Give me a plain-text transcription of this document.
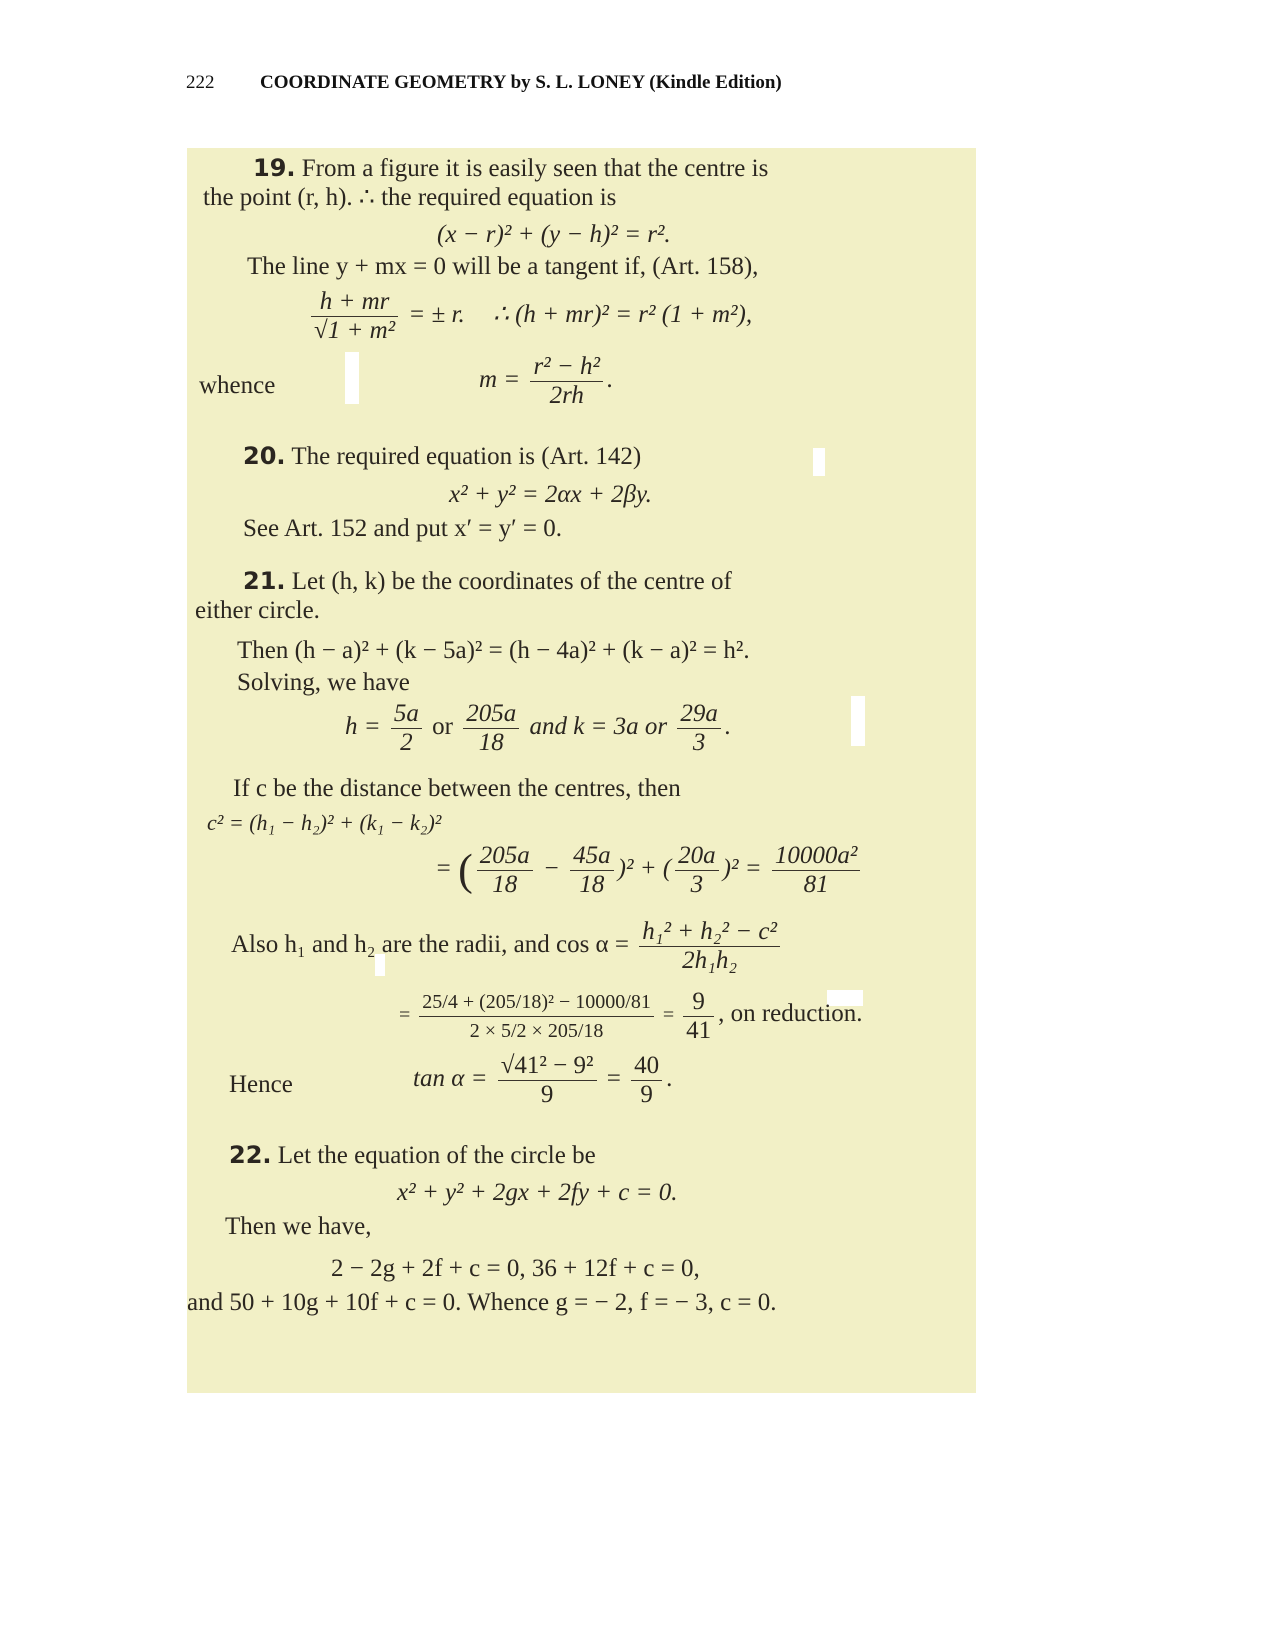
222 COORDINATE GEOMETRY by S. L. LONEY (Kindle Edition)
19. From a figure it is easily seen that the centre is
the point (r, h). ∴ the required equation is
(x − r)² + (y − h)² = r².
The line y + mx = 0 will be a tangent if, (Art. 158),
$\frac{h + mr}{\text{√1 + m²}}$ = ± r. ∴ (h + mr)² = r² (1 + m²),
whence	$m = \frac{\text{r² − h²}}{2rh}$ .
20. The required equation is (Art. 142)
x² + y² = 2αx + 2βy.
See Art. 152 and put x′ = y′ = 0.
21. Let (h, k) be the coordinates of the centre of
either circle.
Then (h − a)² + (k − 5a)² = (h − 4a)² + (k − a)² = h².
Solving, we have
$h = \frac{5a}{2}$ or $\frac{205a}{18}$ and k = 3a or $\frac{29a}{3}$ .
If c be the distance between the centres, then
c² = (h₁ − h₂)² + (k₁ − k₂)²
= ( $\frac{205a}{18} - \frac{45a}{18} )^2$ + ( $\frac{20a}{3} )^2 = \frac{\text{10000a²}}{81}$
Also h₁ and h₂ are the radii, and $\cos \alpha = \frac{\text{h₁² + h₂² − c²}}{\text{2h₁h₂}}$
= $\frac{\text{25/4 + (205/18)² − 10000/81}}{2 \times 5/2 \times 205/18} = \frac{9}{41}$ , on reduction.
Hence	$\tan \alpha = \frac{\text{√41² − 9²}}{9} = \frac{40}{9}$ .
22. Let the equation of the circle be
x² + y² + 2gx + 2fy + c = 0.
Then we have,
2 − 2g + 2f + c = 0, 36 + 12f + c = 0,
and 50 + 10g + 10f + c = 0. Whence g = − 2, f = − 3, c = 0.
